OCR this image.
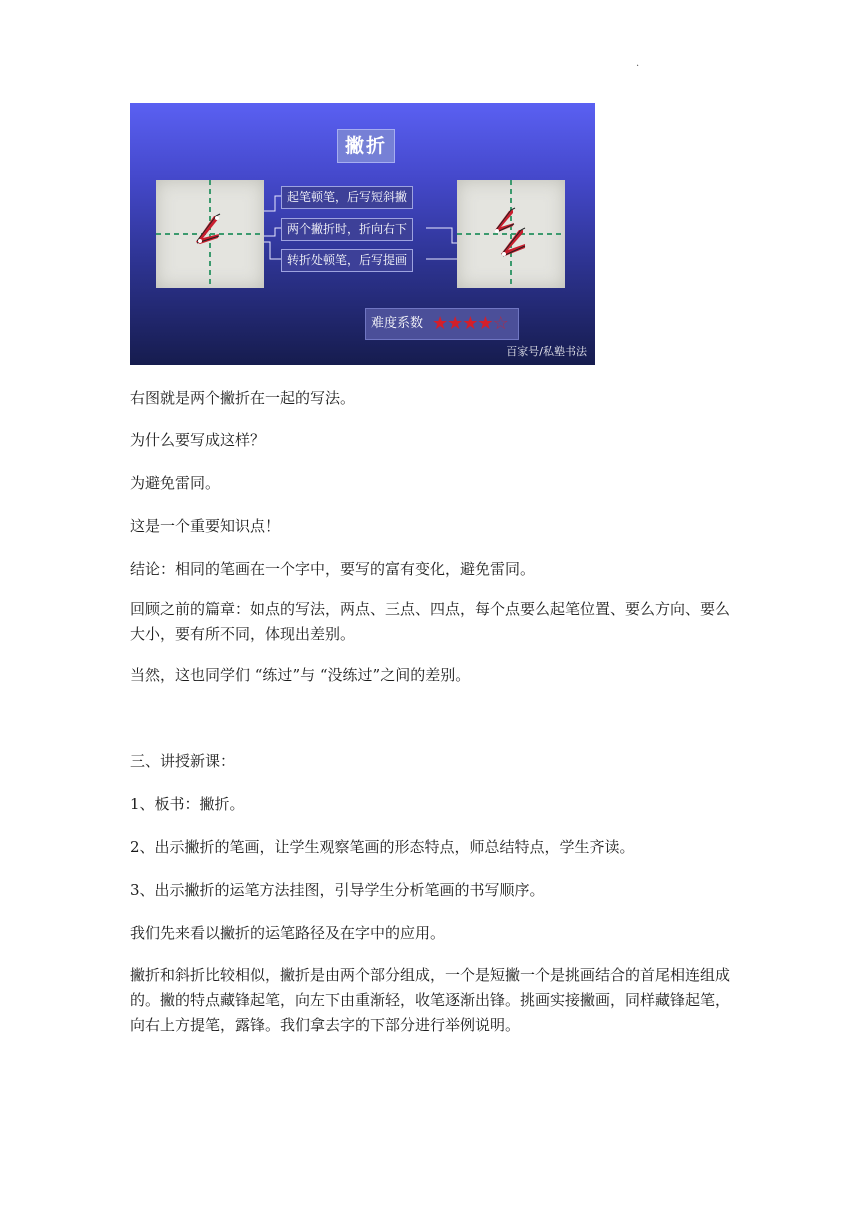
.
撇折
起笔顿笔，后写短斜撇
两个撇折时，折向右下
转折处顿笔，后写提画
难度系数 ★★★★☆
百家号/私塾书法
右图就是两个撇折在一起的写法。
为什么要写成这样？
为避免雷同。
这是一个重要知识点！
结论：相同的笔画在一个字中，要写的富有变化，避免雷同。
回顾之前的篇章：如点的写法，两点、三点、四点，每个点要么起笔位置、要么方向、要么大小，要有所不同，体现出差别。
当然，这也同学们 “练过”与 “没练过”之间的差别。
三、讲授新课：
1、板书：撇折。
2、出示撇折的笔画，让学生观察笔画的形态特点，师总结特点，学生齐读。
3、出示撇折的运笔方法挂图，引导学生分析笔画的书写顺序。
我们先来看以撇折的运笔路径及在字中的应用。
撇折和斜折比较相似，撇折是由两个部分组成，一个是短撇一个是挑画结合的首尾相连组成的。撇的特点藏锋起笔，向左下由重渐轻，收笔逐渐出锋。挑画实接撇画，同样藏锋起笔，向右上方提笔，露锋。我们拿去字的下部分进行举例说明。
